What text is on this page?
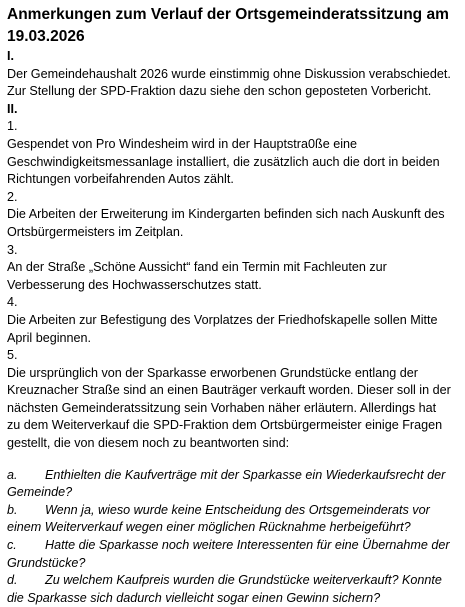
Anmerkungen zum Verlauf der Ortsgemeinderatssitzung am

19.03.2026

I.

Der Gemeindehaushalt 2026 wurde einstimmig ohne Diskussion verabschiedet.

Zur Stellung der SPD-Fraktion dazu siehe den schon geposteten Vorbericht.

II.

1.

Gespendet von Pro Windesheim wird in der Hauptstra0ße eine

Geschwindigkeitsmessanlage installiert, die zusätzlich auch die dort in beiden

Richtungen vorbeifahrenden Autos zählt.

2.

Die Arbeiten der Erweiterung im Kindergarten befinden sich nach Auskunft des

Ortsbürgermeisters im Zeitplan.

3.

An der Straße „Schöne Aussicht“ fand ein Termin mit Fachleuten zur

Verbesserung des Hochwasserschutzes statt.

4.

Die Arbeiten zur Befestigung des Vorplatzes der Friedhofskapelle sollen Mitte

April beginnen.

5.

Die ursprünglich von der Sparkasse erworbenen Grundstücke entlang der

Kreuznacher Straße sind an einen Bauträger verkauft worden. Dieser soll in der

nächsten Gemeinderatssitzung sein Vorhaben näher erläutern. Allerdings hat

zu dem Weiterverkauf die SPD-Fraktion dem Ortsbürgermeister einige Fragen

gestellt, die von diesem noch zu beantworten sind:

a.	Enthielten die Kaufverträge mit der Sparkasse ein Wiederkaufsrecht der

Gemeinde?

b.	Wenn ja, wieso wurde keine Entscheidung des Ortsgemeinderats vor

einem Weiterverkauf wegen einer möglichen Rücknahme herbeigeführt?

c.	Hatte die Sparkasse noch weitere Interessenten für eine Übernahme der

Grundstücke?

d.	Zu welchem Kaufpreis wurden die Grundstücke weiterverkauft? Konnte

die Sparkasse sich dadurch vielleicht sogar einen Gewinn sichern?
